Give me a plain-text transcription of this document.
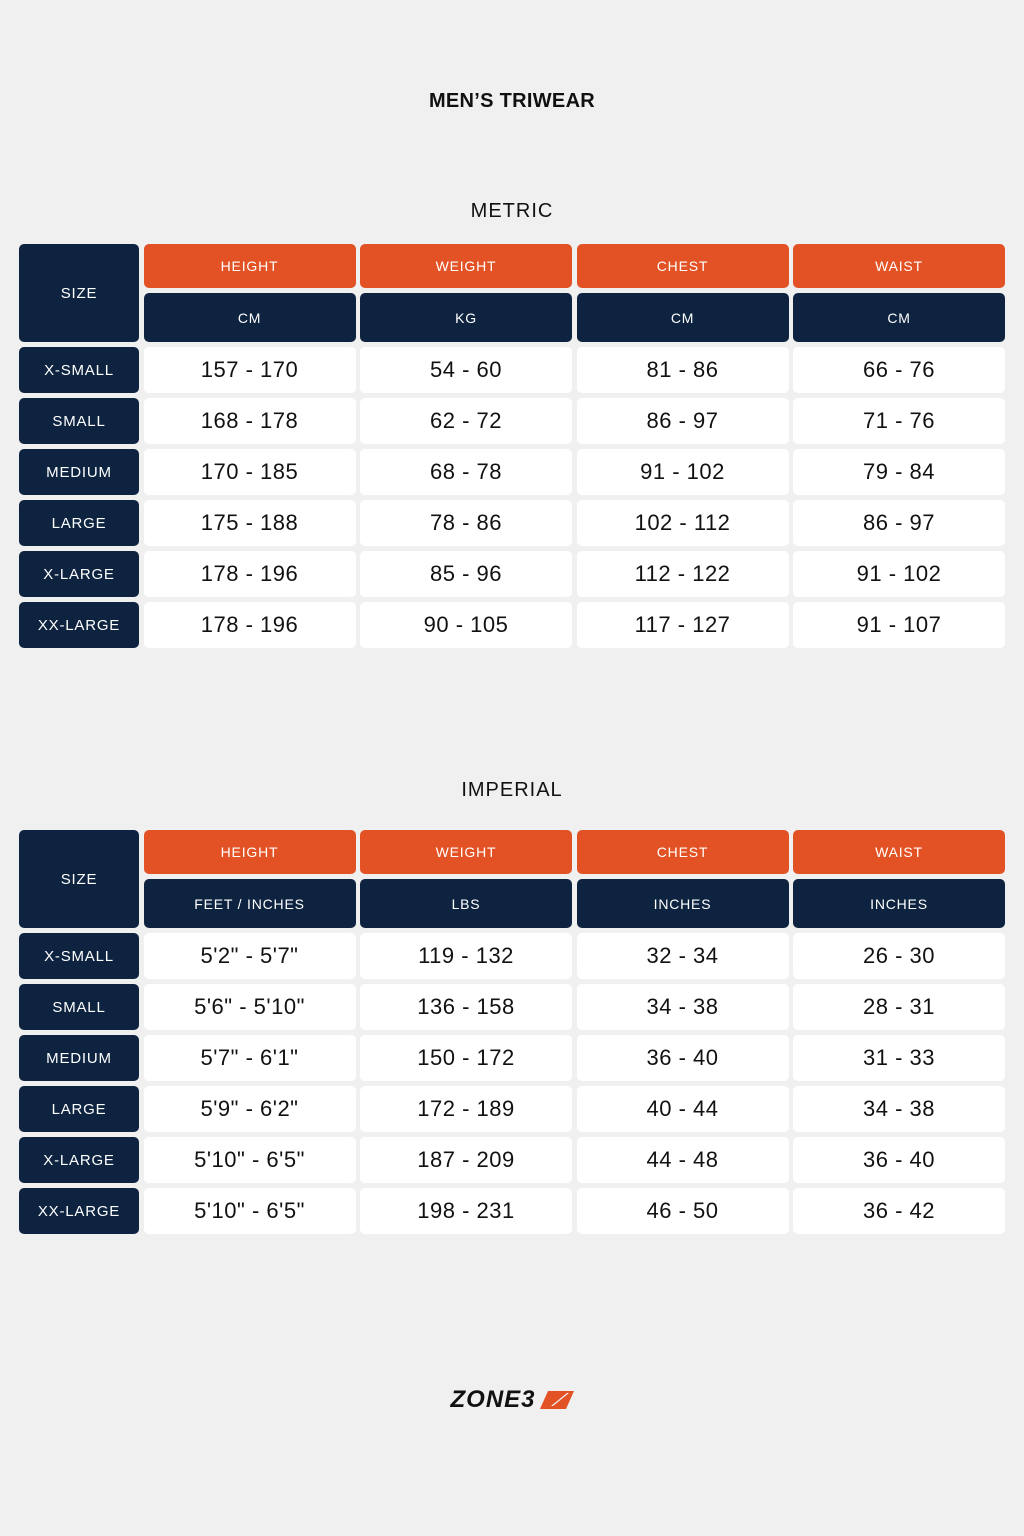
MEN’S TRIWEAR
METRIC
SIZE
HEIGHT	WEIGHT	CHEST	WAIST
CM	KG	CM	CM
X-SMALL	157 - 170	54 - 60	81 - 86	66 - 76
SMALL	168 - 178	62 - 72	86 - 97	71 - 76
MEDIUM	170 - 185	68 - 78	91 - 102	79 - 84
LARGE	175 - 188	78 - 86	102 - 112	86 - 97
X-LARGE	178 - 196	85 - 96	112 - 122	91 - 102
XX-LARGE	178 - 196	90 - 105	117 - 127	91 - 107
IMPERIAL
SIZE
HEIGHT	WEIGHT	CHEST	WAIST
FEET / INCHES	LBS	INCHES	INCHES
X-SMALL	5'2" - 5'7"	119 - 132	32 - 34	26 - 30
SMALL	5'6" - 5'10"	136 - 158	34 - 38	28 - 31
MEDIUM	5'7" - 6'1"	150 - 172	36 - 40	31 - 33
LARGE	5'9" - 6'2"	172 - 189	40 - 44	34 - 38
X-LARGE	5'10" - 6'5"	187 - 209	44 - 48	36 - 40
XX-LARGE	5'10" - 6'5"	198 - 231	46 - 50	36 - 42
ZONE3
